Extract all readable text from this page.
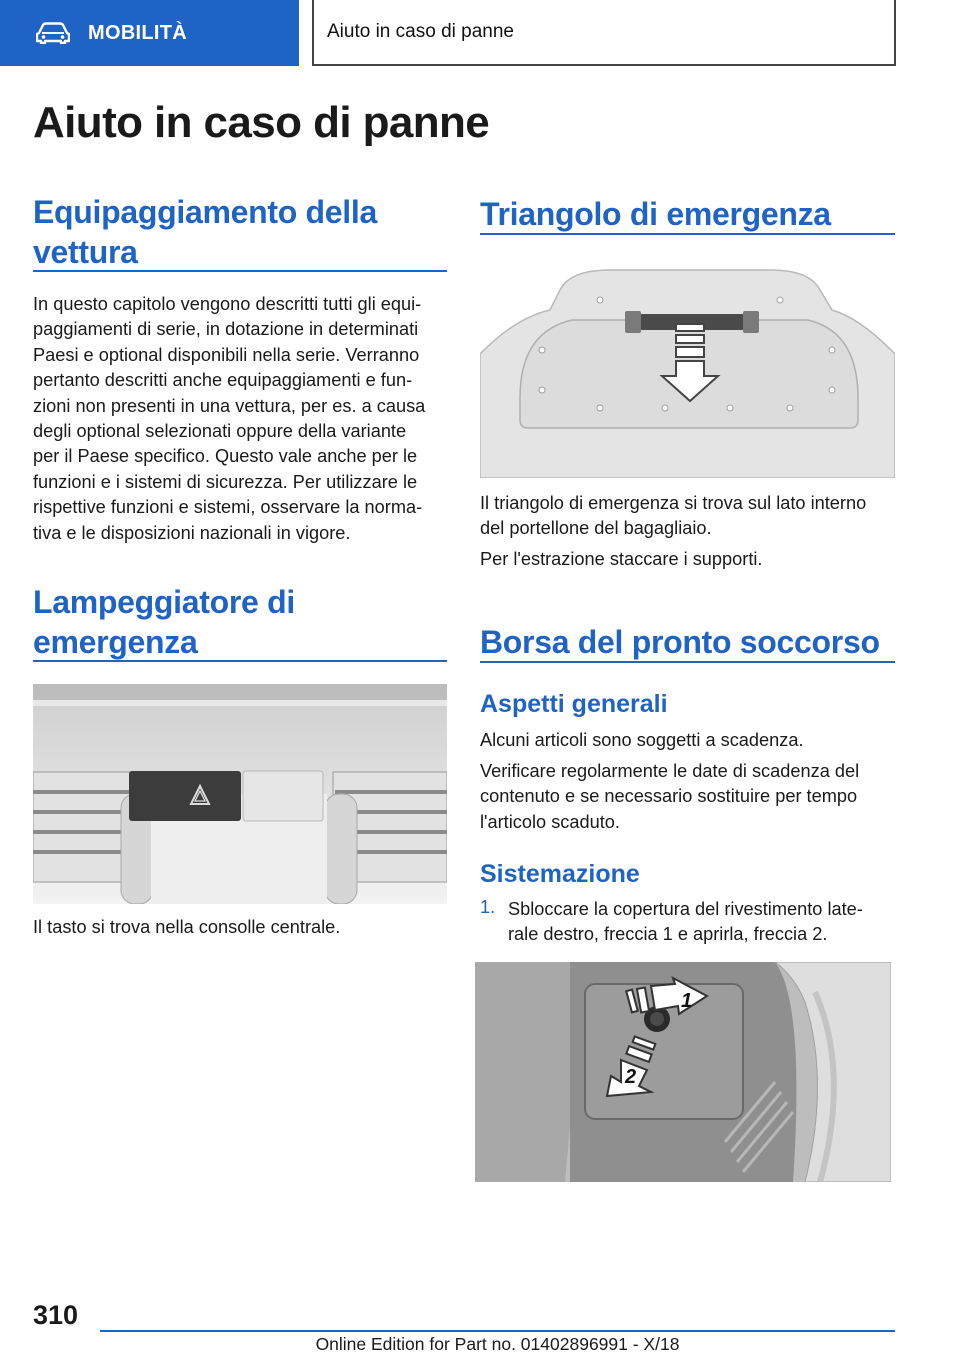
MOBILITÀ	Aiuto in caso di panne
Aiuto in caso di panne
Equipaggiamento della
vettura
In questo capitolo vengono descritti tutti gli equi-
paggiamenti di serie, in dotazione in determinati
Paesi e optional disponibili nella serie. Verranno
pertanto descritti anche equipaggiamenti e fun-
zioni non presenti in una vettura, per es. a causa
degli optional selezionati oppure della variante
per il Paese specifico. Questo vale anche per le
funzioni e i sistemi di sicurezza. Per utilizzare le
rispettive funzioni e sistemi, osservare la norma-
tiva e le disposizioni nazionali in vigore.
Lampeggiatore di
emergenza
Il tasto si trova nella consolle centrale.
Triangolo di emergenza
Il triangolo di emergenza si trova sul lato interno
del portellone del bagagliaio.
Per l'estrazione staccare i supporti.
Borsa del pronto soccorso
Aspetti generali
Alcuni articoli sono soggetti a scadenza.
Verificare regolarmente le date di scadenza del
contenuto e se necessario sostituire per tempo
l'articolo scaduto.
Sistemazione
1. Sbloccare la copertura del rivestimento late-
rale destro, freccia 1 e aprirla, freccia 2.
1
2
310
Online Edition for Part no. 01402896991 - X/18
